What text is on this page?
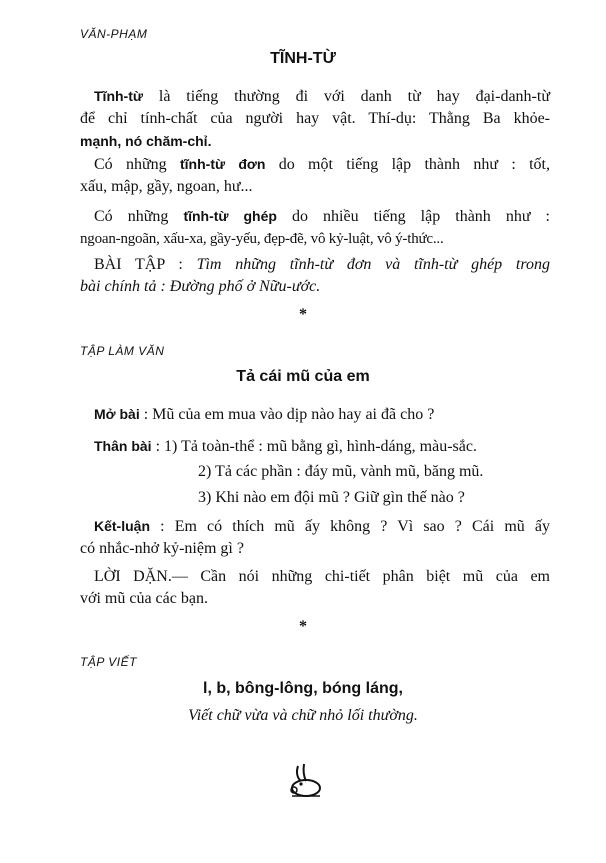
VĂN-PHẠM
TĨNH-TỪ
Tĩnh-từ là tiếng thường đi với danh từ hay đại-danh-từ
để chỉ tính-chất của người hay vật. Thí-dụ: Thằng Ba khỏe-
mạnh, nó chăm-chỉ.
Có những tĩnh-từ đơn do một tiếng lập thành như : tốt,
xấu, mập, gầy, ngoan, hư...
Có những tĩnh-từ ghép do nhiều tiếng lập thành như :
ngoan-ngoãn, xấu-xa, gầy-yếu, đẹp-đẽ, vô kỷ-luật, vô ý-thức...
BÀI TẬP : Tìm những tĩnh-từ đơn và tĩnh-từ ghép trong
bài chính tả : Đường phố ở Nữu-ước.
*
TẬP LÀM VĂN
Tả cái mũ của em
Mở bài : Mũ của em mua vào dịp nào hay ai đã cho ?
Thân bài : 1) Tả toàn-thể : mũ bằng gì, hình-dáng, màu-sắc.
2) Tả các phần : đáy mũ, vành mũ, băng mũ.
3) Khi nào em đội mũ ? Giữ gìn thế nào ?
Kết-luận : Em có thích mũ ấy không ? Vì sao ? Cái mũ ấy
có nhắc-nhở kỷ-niệm gì ?
LỜI DẶN.— Cần nói những chi-tiết phân biệt mũ của em
với mũ của các bạn.
*
TẬP VIẾT
l, b, bông-lông, bóng láng,
Viết chữ vừa và chữ nhỏ lối thường.
